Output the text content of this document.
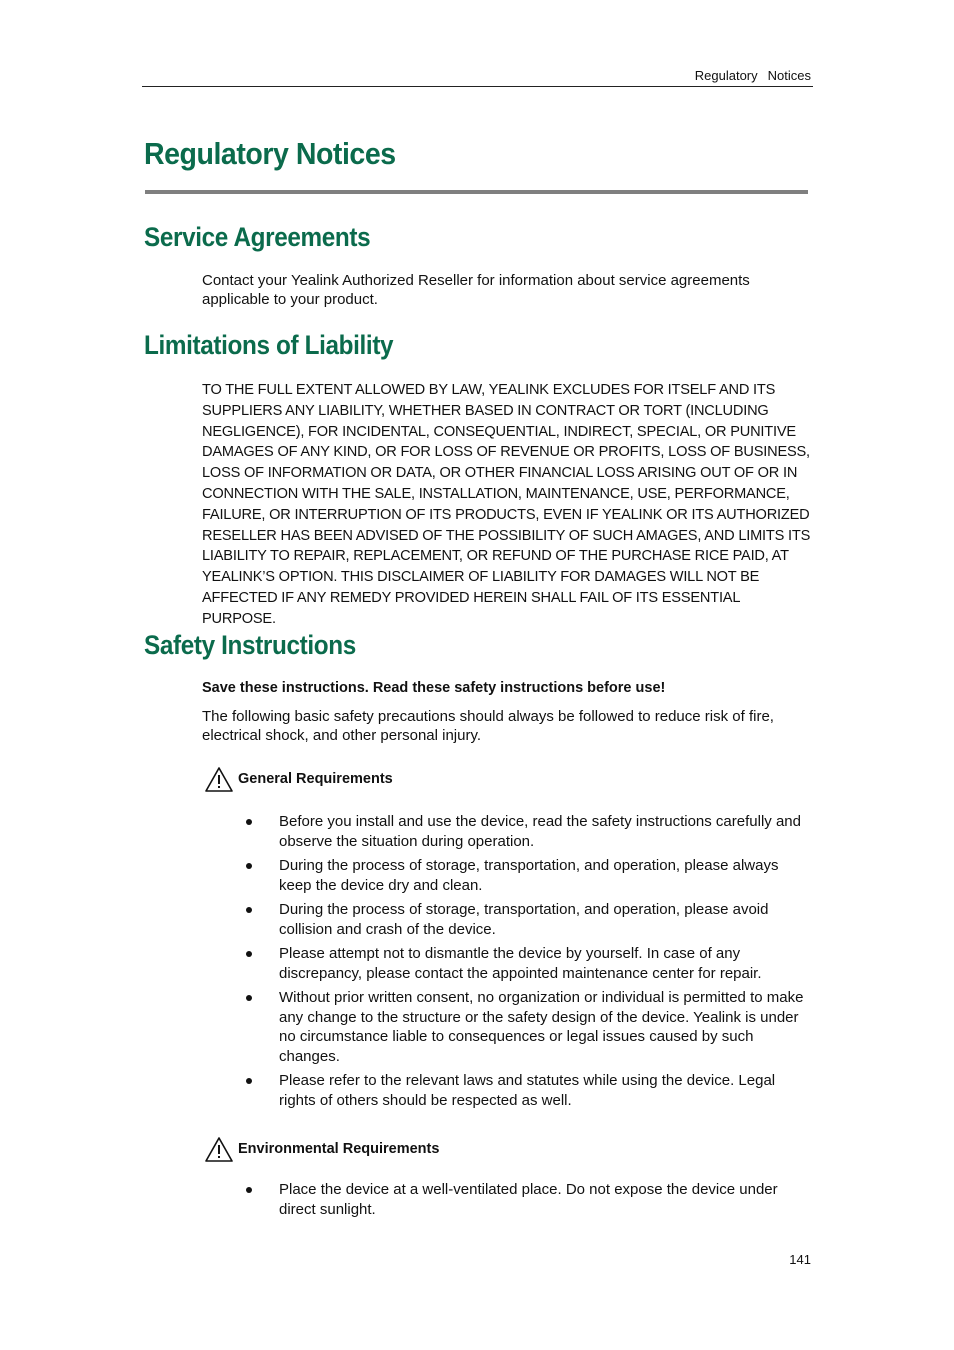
Regulatory Notices
Regulatory Notices
Service Agreements

Contact your Yealink Authorized Reseller for information about service agreements applicable to your product.

Limitations of Liability

TO THE FULL EXTENT ALLOWED BY LAW, YEALINK EXCLUDES FOR ITSELF AND ITS SUPPLIERS ANY LIABILITY, WHETHER BASED IN CONTRACT OR TORT (INCLUDING NEGLIGENCE), FOR INCIDENTAL, CONSEQUENTIAL, INDIRECT, SPECIAL, OR PUNITIVE DAMAGES OF ANY KIND, OR FOR LOSS OF REVENUE OR PROFITS, LOSS OF BUSINESS, LOSS OF INFORMATION OR DATA, OR OTHER FINANCIAL LOSS ARISING OUT OF OR IN CONNECTION WITH THE SALE, INSTALLATION, MAINTENANCE, USE, PERFORMANCE, FAILURE, OR INTERRUPTION OF ITS PRODUCTS, EVEN IF YEALINK OR ITS AUTHORIZED RESELLER HAS BEEN ADVISED OF THE POSSIBILITY OF SUCH AMAGES, AND LIMITS ITS LIABILITY TO REPAIR, REPLACEMENT, OR REFUND OF THE PURCHASE RICE PAID, AT YEALINK’S OPTION. THIS DISCLAIMER OF LIABILITY FOR DAMAGES WILL NOT BE AFFECTED IF ANY REMEDY PROVIDED HEREIN SHALL FAIL OF ITS ESSENTIAL PURPOSE.

Safety Instructions

Save these instructions. Read these safety instructions before use!

The following basic safety precautions should always be followed to reduce risk of fire, electrical shock, and other personal injury.

General Requirements
Before you install and use the device, read the safety instructions carefully and observe the situation during operation.
During the process of storage, transportation, and operation, please always keep the device dry and clean.
During the process of storage, transportation, and operation, please avoid collision and crash of the device.
Please attempt not to dismantle the device by yourself. In case of any discrepancy, please contact the appointed maintenance center for repair.
Without prior written consent, no organization or individual is permitted to make any change to the structure or the safety design of the device. Yealink is under no circumstance liable to consequences or legal issues caused by such changes.
Please refer to the relevant laws and statutes while using the device. Legal rights of others should be respected as well.
Environmental Requirements
Place the device at a well-ventilated place. Do not expose the device under direct sunlight.
141
